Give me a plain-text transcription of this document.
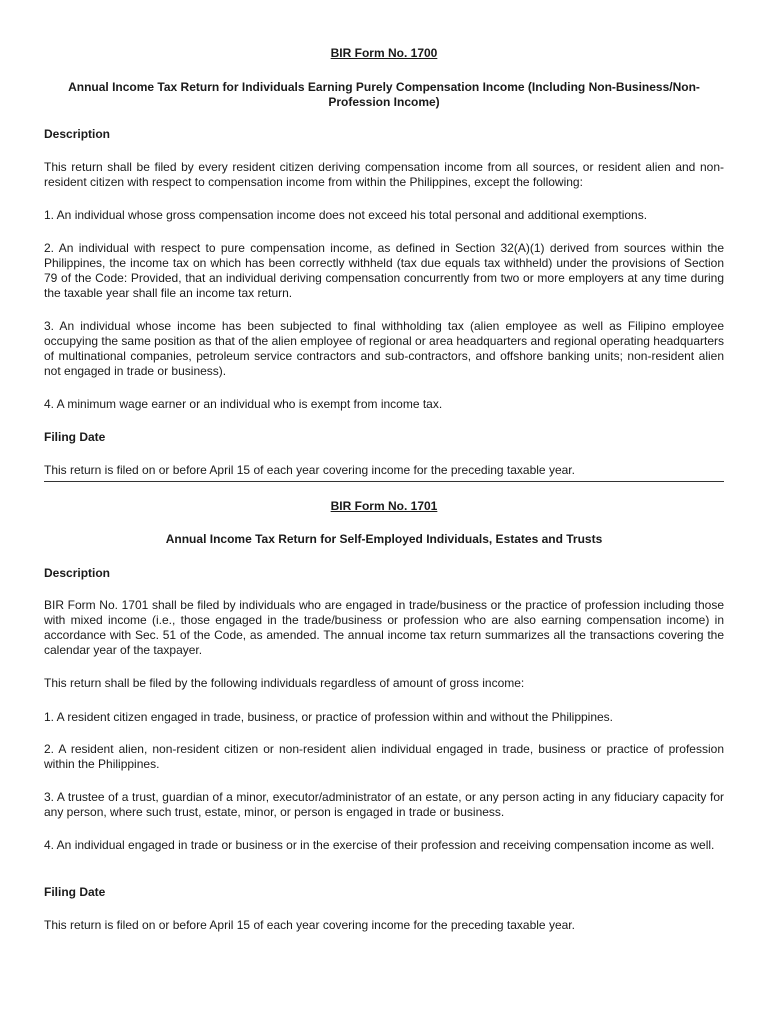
BIR Form No. 1700
Annual Income Tax Return for Individuals Earning Purely Compensation Income (Including Non-Business/Non-Profession Income)
Description
This return shall be filed by every resident citizen deriving compensation income from all sources, or resident alien and non-resident citizen with respect to compensation income from within the Philippines, except the following:
1. An individual whose gross compensation income does not exceed his total personal and additional exemptions.
2. An individual with respect to pure compensation income, as defined in Section 32(A)(1) derived from sources within the Philippines, the income tax on which has been correctly withheld (tax due equals tax withheld) under the provisions of Section 79 of the Code: Provided, that an individual deriving compensation concurrently from two or more employers at any time during the taxable year shall file an income tax return.
3. An individual whose income has been subjected to final withholding tax (alien employee as well as Filipino employee occupying the same position as that of the alien employee of regional or area headquarters and regional operating headquarters of multinational companies, petroleum service contractors and sub-contractors, and offshore banking units; non-resident alien not engaged in trade or business).
4. A minimum wage earner or an individual who is exempt from income tax.
Filing Date
This return is filed on or before April 15 of each year covering income for the preceding taxable year.
BIR Form No. 1701
Annual Income Tax Return for Self-Employed Individuals, Estates and Trusts
Description
BIR Form No. 1701 shall be filed by individuals who are engaged in trade/business or the practice of profession including those with mixed income (i.e., those engaged in the trade/business or profession who are also earning compensation income) in accordance with Sec. 51 of the Code, as amended. The annual income tax return summarizes all the transactions covering the calendar year of the taxpayer.
This return shall be filed by the following individuals regardless of amount of gross income:
1. A resident citizen engaged in trade, business, or practice of profession within and without the Philippines.
2. A resident alien, non-resident citizen or non-resident alien individual engaged in trade, business or practice of profession within the Philippines.
3. A trustee of a trust, guardian of a minor, executor/administrator of an estate, or any person acting in any fiduciary capacity for any person, where such trust, estate, minor, or person is engaged in trade or business.
4. An individual engaged in trade or business or in the exercise of their profession and receiving compensation income as well.
Filing Date
This return is filed on or before April 15 of each year covering income for the preceding taxable year.
